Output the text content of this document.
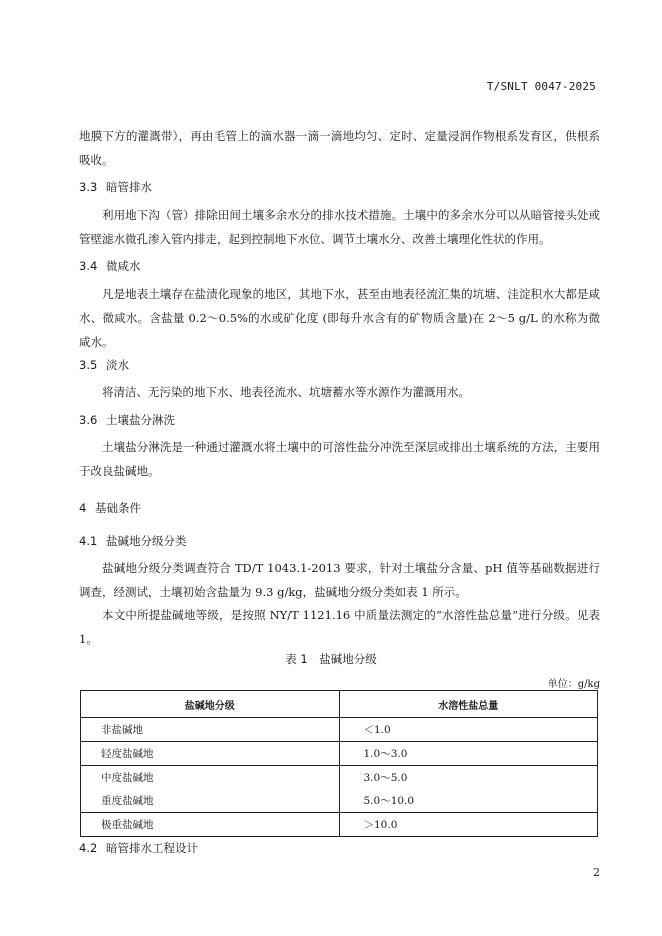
T/SNLT 0047-2025
地膜下方的灌溉带），再由毛管上的滴水器一滴一滴地均匀、定时、定量浸润作物根系发育区，供根系吸收。
3.3 暗管排水
利用地下沟（管）排除田间土壤多余水分的排水技术措施。土壤中的多余水分可以从暗管接头处或管壁滤水微孔渗入管内排走，起到控制地下水位、调节土壤水分、改善土壤理化性状的作用。
3.4 微咸水
凡是地表土壤存在盐渍化现象的地区，其地下水，甚至由地表径流汇集的坑塘、洼淀积水大都是咸水、微咸水。含盐量 0.2～0.5%的水或矿化度 (即每升水含有的矿物质含量)在 2～5 g/L 的水称为微咸水。
3.5 淡水
将清洁、无污染的地下水、地表径流水、坑塘蓄水等水源作为灌溉用水。
3.6 土壤盐分淋洗
土壤盐分淋洗是一种通过灌溉水将土壤中的可溶性盐分冲洗至深层或排出土壤系统的方法，主要用于改良盐碱地。
4 基础条件
4.1 盐碱地分级分类
盐碱地分级分类调查符合 TD/T 1043.1-2013 要求，针对土壤盐分含量、pH 值等基础数据进行调查，经测试，土壤初始含盐量为 9.3 g/kg，盐碱地分级分类如表 1 所示。
本文中所提盐碱地等级，是按照 NY/T 1121.16 中质量法测定的“水溶性盐总量”进行分级。见表 1。
表 1　盐碱地分级
单位：g/kg
盐碱地分级	水溶性盐总量
非盐碱地	＜1.0
轻度盐碱地	1.0～3.0
中度盐碱地	3.0～5.0
重度盐碱地	5.0～10.0
极重盐碱地	＞10.0
4.2 暗管排水工程设计
2
